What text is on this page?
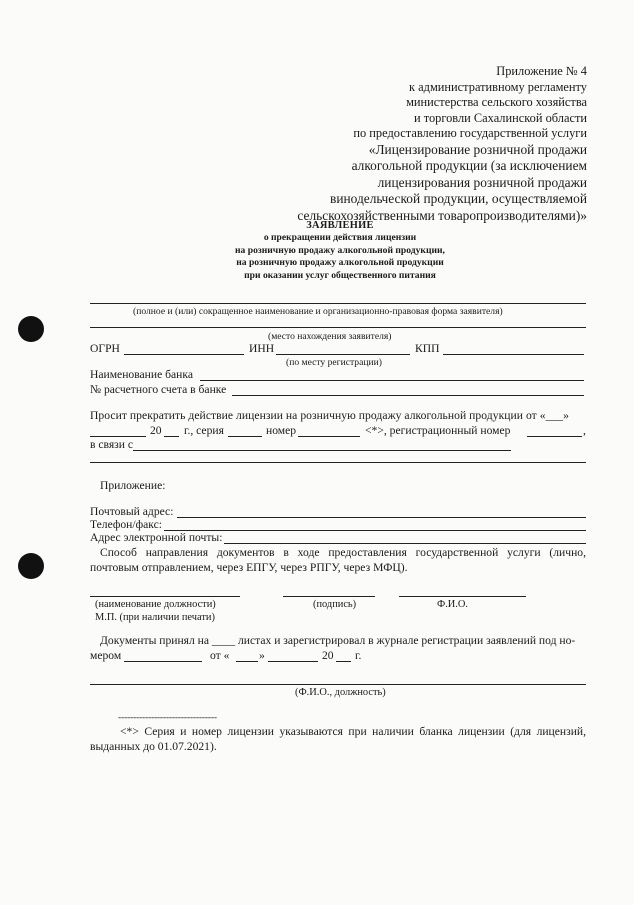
Приложение № 4
к административному регламенту
министерства сельского хозяйства
и торговли Сахалинской области
по предоставлению государственной услуги
«Лицензирование розничной продажи
алкогольной продукции (за исключением
лицензирования розничной продажи
винодельческой продукции, осуществляемой
сельскохозяйственными товаропроизводителями)»
ЗАЯВЛЕНИЕ
о прекращении действия лицензии
на розничную продажу алкогольной продукции,
на розничную продажу алкогольной продукции
при оказании услуг общественного питания
(полное и (или) сокращенное наименование и организационно-правовая форма заявителя)
(место нахождения заявителя)
ОГРН	ИНН	КПП
(по месту регистрации)
Наименование банка
№ расчетного счета в банке
Просит прекратить действие лицензии на розничную продажу алкогольной продукции от «___»
20 г., серия	номер	<*>, регистрационный номер	,
в связи с
Приложение:
Почтовый адрес:
Телефон/факс:
Адрес электронной почты:
Способ направления документов в ходе предоставления государственной услуги (лично, почтовым отправлением, через ЕПГУ, через РПГУ, через МФЦ).
(наименование должности)	(подпись)	Ф.И.О.
М.П. (при наличии печати)
Документы принял на ____ листах и зарегистрировал в журнале регистрации заявлений под но-
мером	от «	»	20 г.
(Ф.И.О., должность)
---------------------------------
<*> Серия и номер лицензии указываются при наличии бланка лицензии (для лицензий, выданных до 01.07.2021).
